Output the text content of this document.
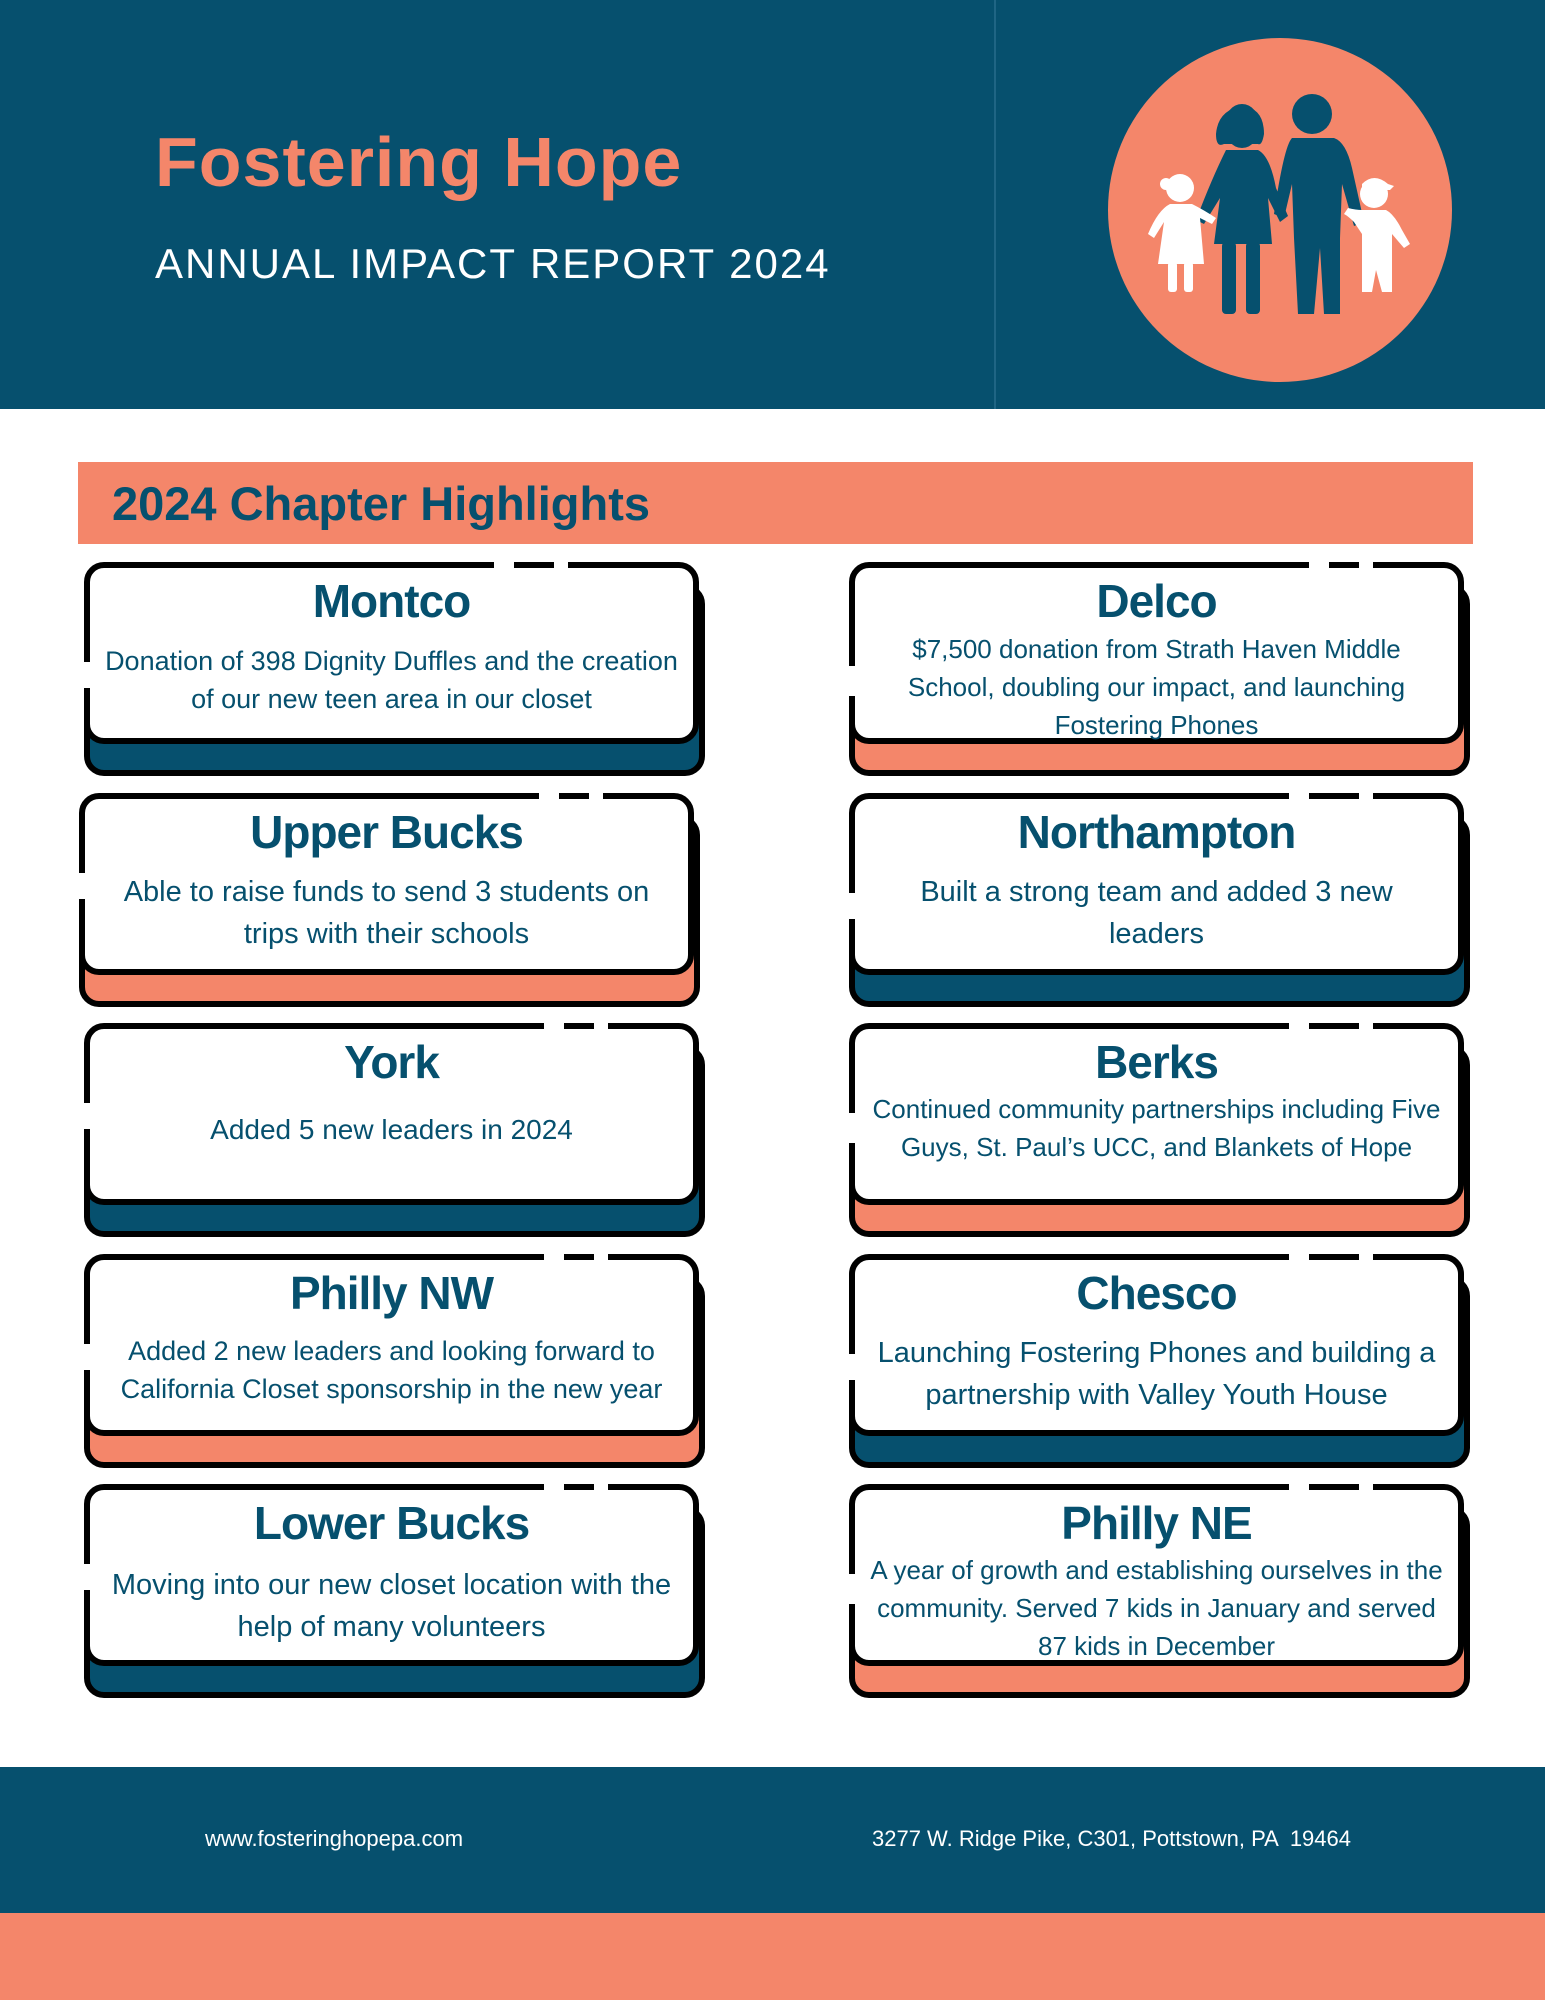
Fostering Hope
ANNUAL IMPACT REPORT 2024
2024 Chapter Highlights
Montco

Donation of 398 Dignity Duffles and the creation of our new teen area in our closet

Delco

$7,500 donation from Strath Haven Middle School, doubling our impact, and launching Fostering Phones

Upper Bucks

Able to raise funds to send 3 students on trips with their schools

Northampton

Built a strong team and added 3 new leaders

York

Added 5 new leaders in 2024

Berks

Continued community partnerships including Five Guys, St. Paul’s UCC, and Blankets of Hope

Philly NW

Added 2 new leaders and looking forward to California Closet sponsorship in the new year

Chesco

Launching Fostering Phones and building a partnership with Valley Youth House

Lower Bucks

Moving into our new closet location with the help of many volunteers

Philly NE

A year of growth and establishing ourselves in the community. Served 7 kids in January and served 87 kids in December

www.fosteringhopepa.com	3277 W. Ridge Pike, C301, Pottstown, PA  19464
